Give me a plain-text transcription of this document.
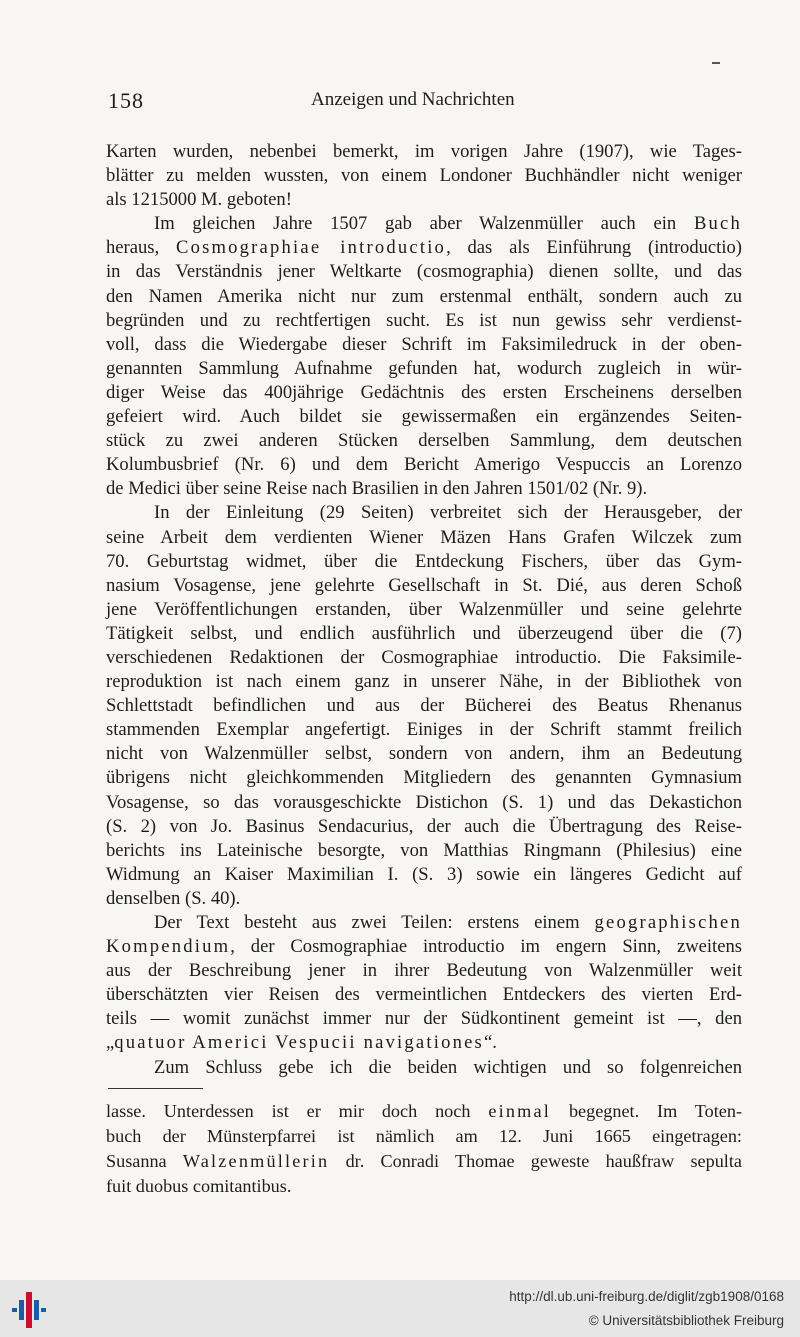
158	Anzeigen und Nachrichten
Karten wurden, nebenbei bemerkt, im vorigen Jahre (1907), wie Tages-
blätter zu melden wussten, von einem Londoner Buchhändler nicht weniger
als 1215000 M. geboten!
Im gleichen Jahre 1507 gab aber Walzenmüller auch ein Buch
heraus, Cosmographiae introductio, das als Einführung (introductio)
in das Verständnis jener Weltkarte (cosmographia) dienen sollte, und das
den Namen Amerika nicht nur zum erstenmal enthält, sondern auch zu
begründen und zu rechtfertigen sucht. Es ist nun gewiss sehr verdienst-
voll, dass die Wiedergabe dieser Schrift im Faksimiledruck in der oben-
genannten Sammlung Aufnahme gefunden hat, wodurch zugleich in wür-
diger Weise das 400jährige Gedächtnis des ersten Erscheinens derselben
gefeiert wird. Auch bildet sie gewissermaßen ein ergänzendes Seiten-
stück zu zwei anderen Stücken derselben Sammlung, dem deutschen
Kolumbusbrief (Nr. 6) und dem Bericht Amerigo Vespuccis an Lorenzo
de Medici über seine Reise nach Brasilien in den Jahren 1501/02 (Nr. 9).
In der Einleitung (29 Seiten) verbreitet sich der Herausgeber, der
seine Arbeit dem verdienten Wiener Mäzen Hans Grafen Wilczek zum
70. Geburtstag widmet, über die Entdeckung Fischers, über das Gym-
nasium Vosagense, jene gelehrte Gesellschaft in St. Dié, aus deren Schoß
jene Veröffentlichungen erstanden, über Walzenmüller und seine gelehrte
Tätigkeit selbst, und endlich ausführlich und überzeugend über die (7)
verschiedenen Redaktionen der Cosmographiae introductio. Die Faksimile-
reproduktion ist nach einem ganz in unserer Nähe, in der Bibliothek von
Schlettstadt befindlichen und aus der Bücherei des Beatus Rhenanus
stammenden Exemplar angefertigt. Einiges in der Schrift stammt freilich
nicht von Walzenmüller selbst, sondern von andern, ihm an Bedeutung
übrigens nicht gleichkommenden Mitgliedern des genannten Gymnasium
Vosagense, so das vorausgeschickte Distichon (S. 1) und das Dekastichon
(S. 2) von Jo. Basinus Sendacurius, der auch die Übertragung des Reise-
berichts ins Lateinische besorgte, von Matthias Ringmann (Philesius) eine
Widmung an Kaiser Maximilian I. (S. 3) sowie ein längeres Gedicht auf
denselben (S. 40).
Der Text besteht aus zwei Teilen: erstens einem geographischen
Kompendium, der Cosmographiae introductio im engern Sinn, zweitens
aus der Beschreibung jener in ihrer Bedeutung von Walzenmüller weit
überschätzten vier Reisen des vermeintlichen Entdeckers des vierten Erd-
teils — womit zunächst immer nur der Südkontinent gemeint ist —, den
„quatuor Americi Vespucii navigationes“.
Zum Schluss gebe ich die beiden wichtigen und so folgenreichen
lasse. Unterdessen ist er mir doch noch einmal begegnet. Im Toten-
buch der Münsterpfarrei ist nämlich am 12. Juni 1665 eingetragen:
Susanna Walzenmüllerin dr. Conradi Thomae geweste haußfraw sepulta
fuit duobus comitantibus.
http://dl.ub.uni-freiburg.de/diglit/zgb1908/0168
© Universitätsbibliothek Freiburg
